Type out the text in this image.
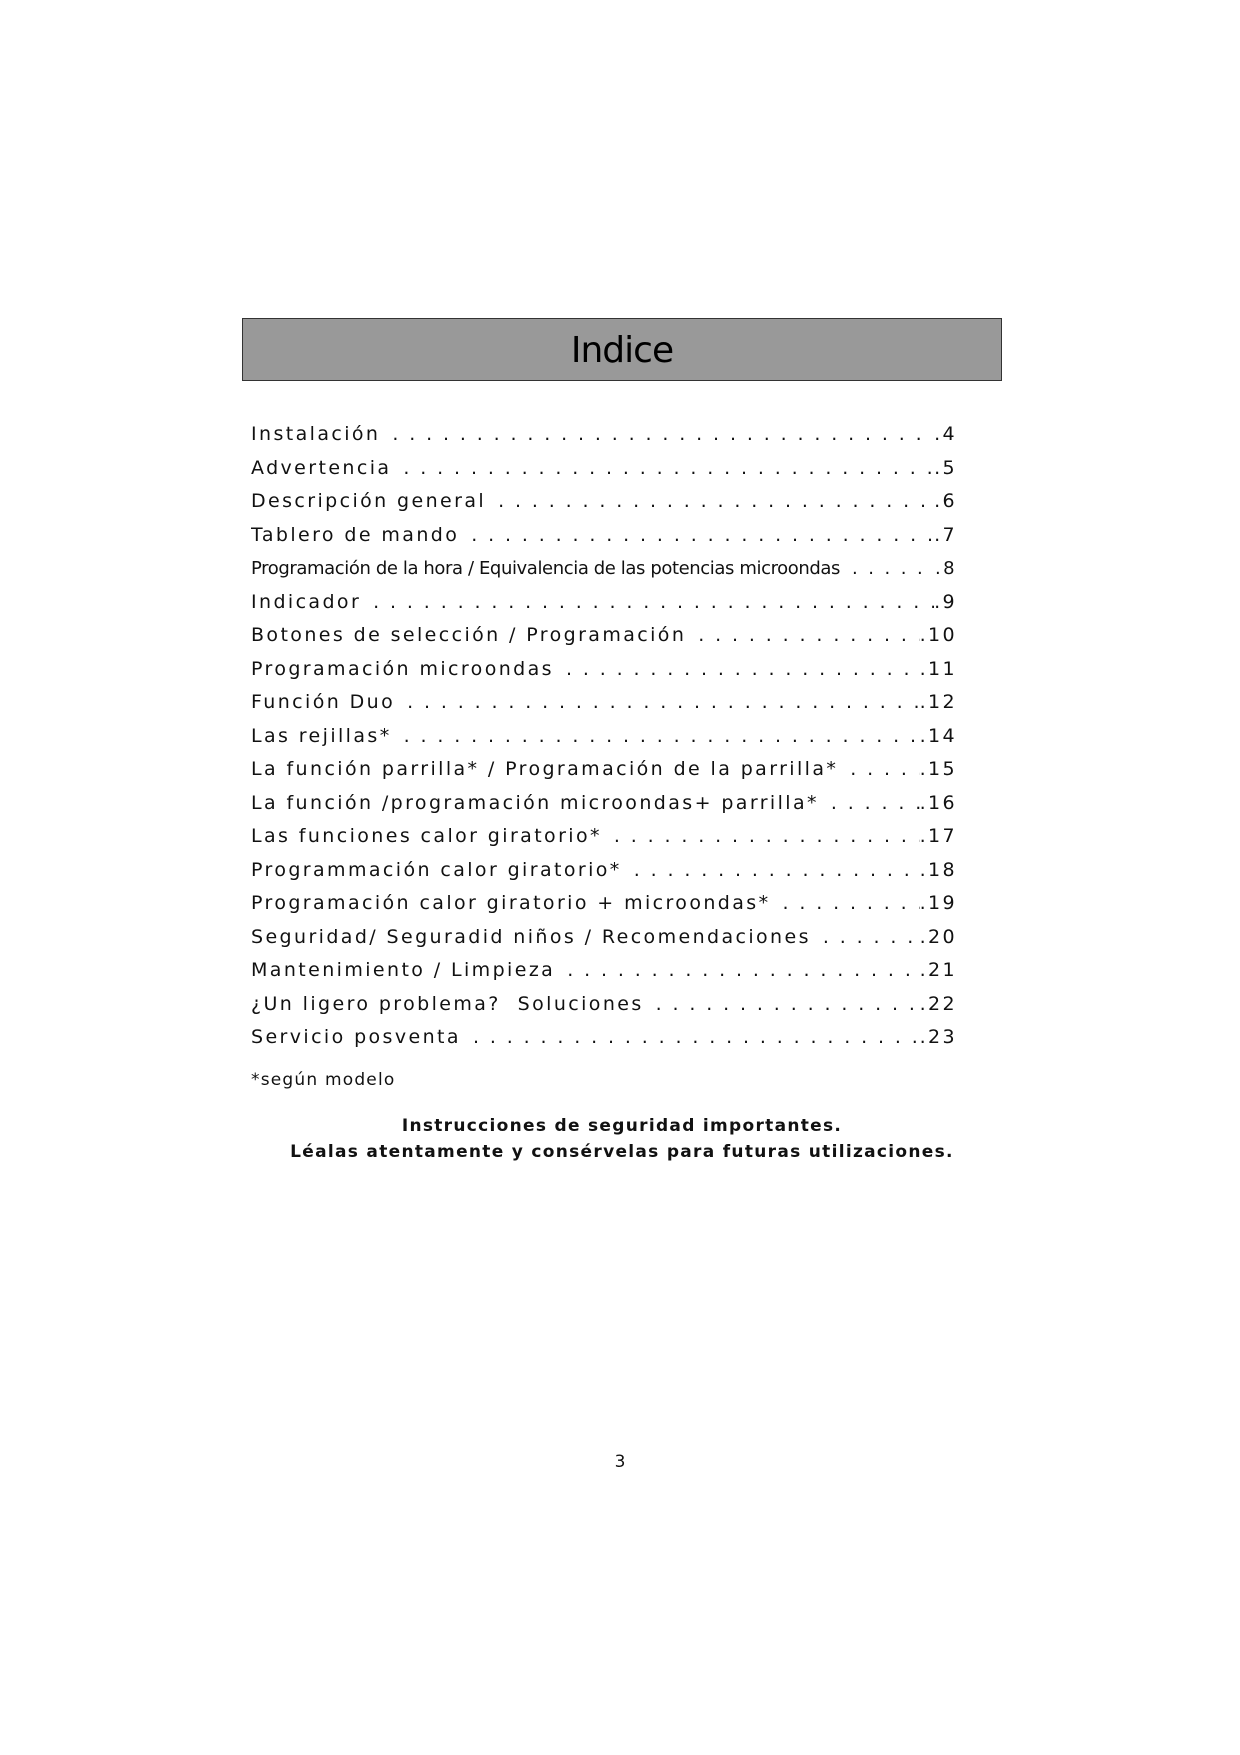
Indice
Instalación . . .	.4
Advertencia . . .	.5
Descripción general . . .	.6
Tablero de mando . . .	.7
Programación de la hora / Equivalencia de las potencias microondas . . .	.8
Indicador . . .	.9
Botones de selección / Programación . . .	.10
Programación microondas . . .	.11
Función Duo . . .	.12
Las rejillas* . . .	.14
La función parrilla* / Programación de la parrilla* . . .	.15
La función /programación microondas+ parrilla* . . .	.16
Las funciones calor giratorio* . . .	.17
Programmación calor giratorio* . . .	.18
Programación calor giratorio + microondas* . . .	.19
Seguridad/ Seguradid niños / Recomendaciones . . .	.20
Mantenimiento / Limpieza . . .	.21
¿Un ligero problema?  Soluciones . . .	.22
Servicio posventa . . .	.23
*según modelo
Instrucciones de seguridad importantes.
Léalas atentamente y consérvelas para futuras utilizaciones.
3
